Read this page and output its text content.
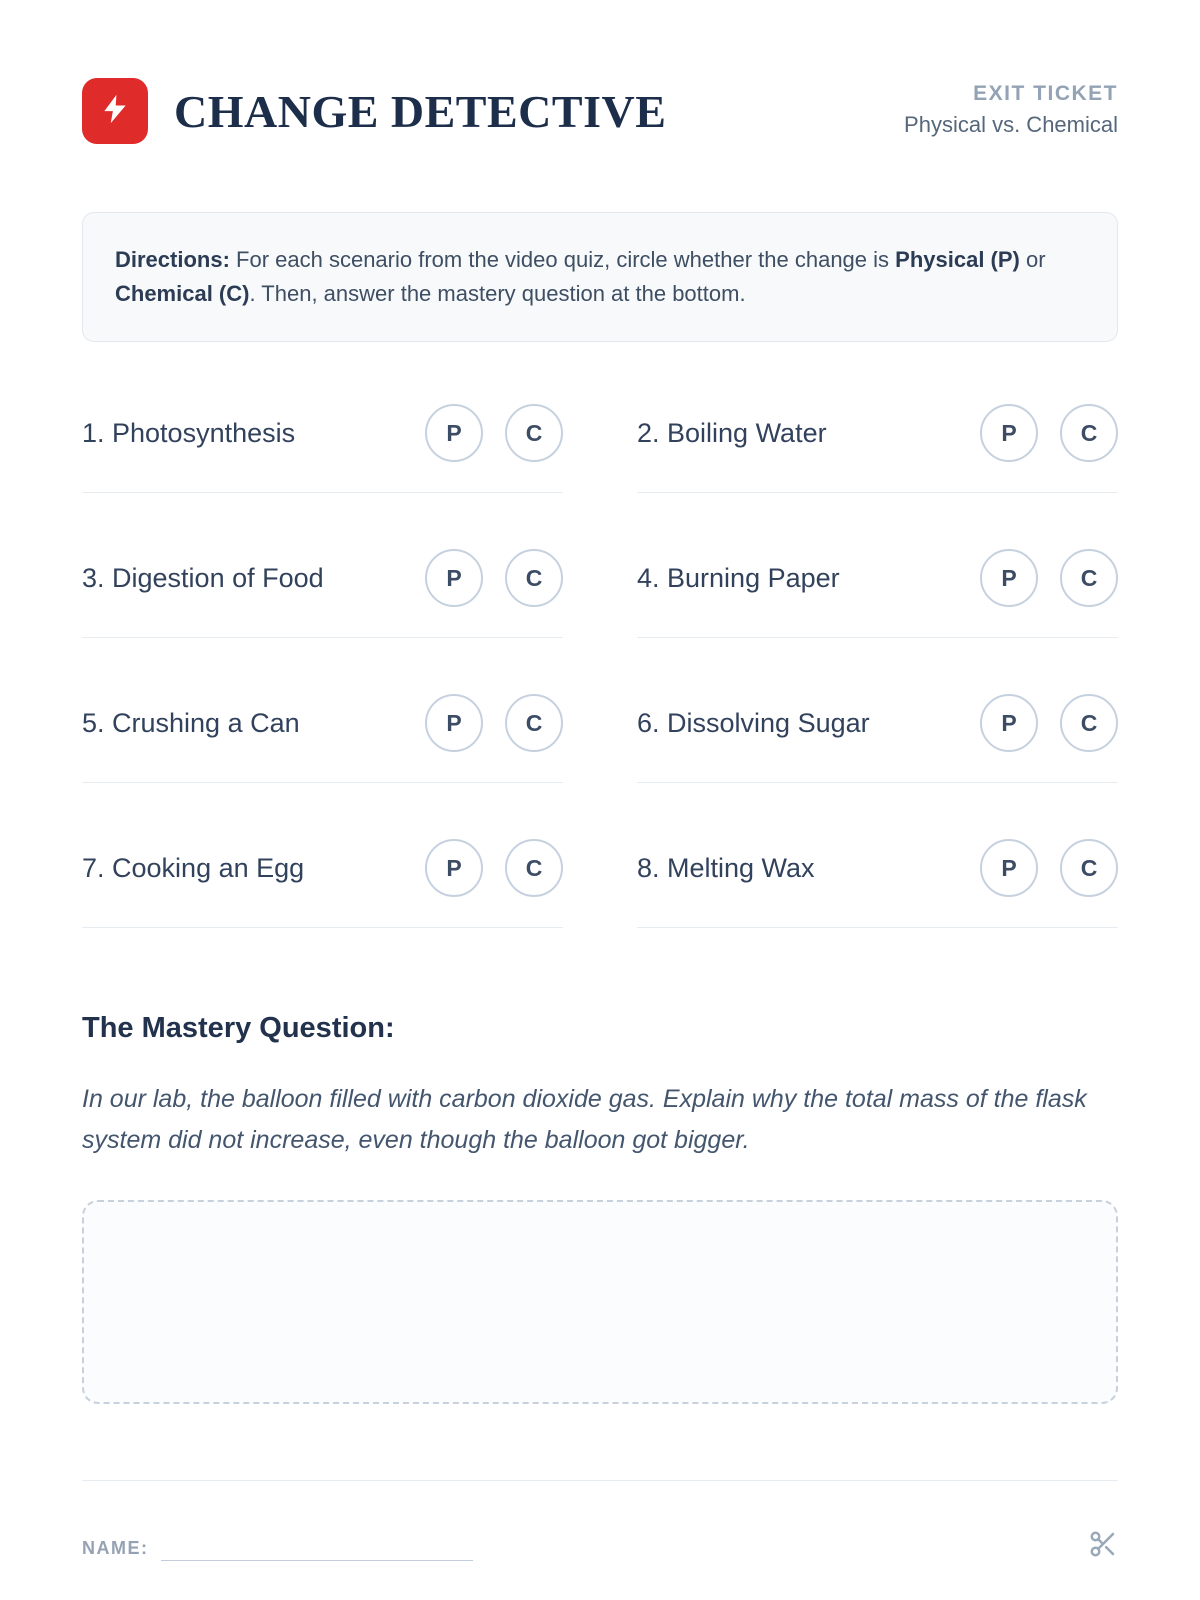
CHANGE DETECTIVE	EXIT TICKET
Physical vs. Chemical
Directions: For each scenario from the video quiz, circle whether the change is Physical (P) or Chemical (C). Then, answer the mastery question at the bottom.
1. Photosynthesis	P	C	2. Boiling Water	P	C
3. Digestion of Food	P	C	4. Burning Paper	P	C
5. Crushing a Can	P	C	6. Dissolving Sugar	P	C
7. Cooking an Egg	P	C	8. Melting Wax	P	C
The Mastery Question:
In our lab, the balloon filled with carbon dioxide gas. Explain why the total mass of the flask system did not increase, even though the balloon got bigger.
NAME:
